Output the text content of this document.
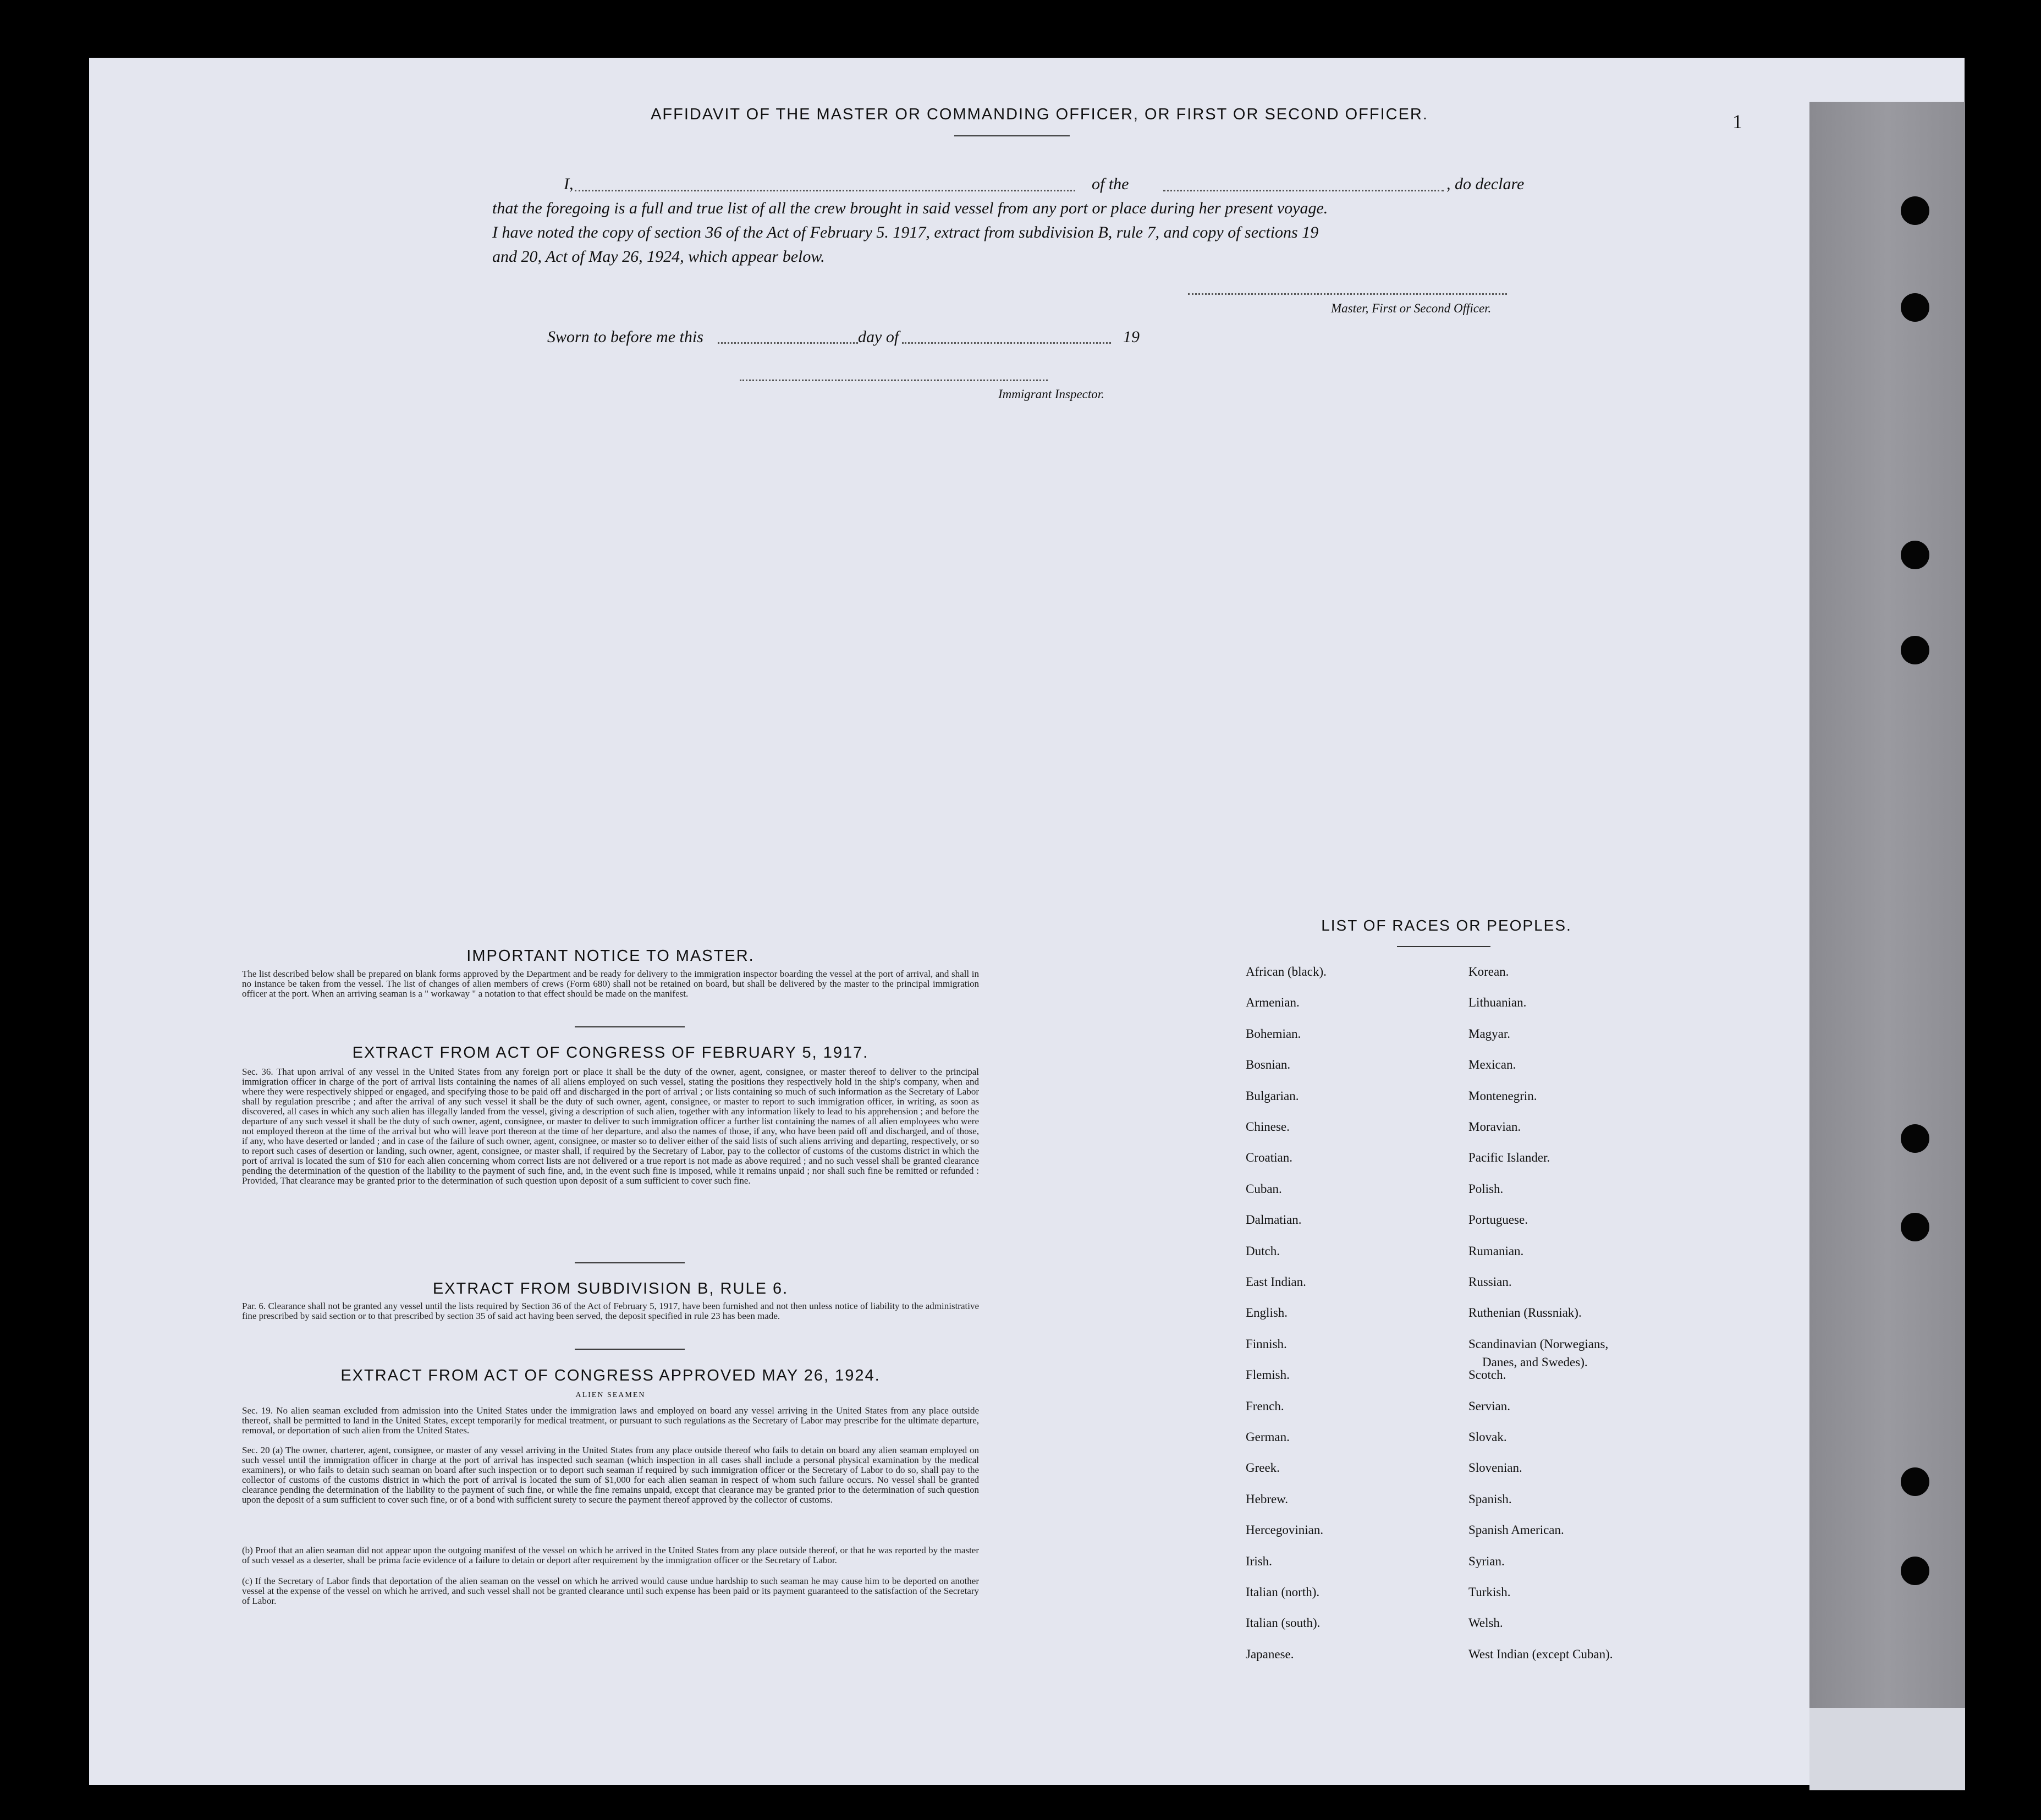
1
AFFIDAVIT OF THE MASTER OR COMMANDING OFFICER, OR FIRST OR SECOND OFFICER.
I,	of the	, do declare
that the foregoing is a full and true list of all the crew brought in said vessel from any port or place during her present voyage.
I have noted the copy of section 36 of the Act of February 5. 1917, extract from subdivision B, rule 7, and copy of sections 19
and 20, Act of May 26, 1924, which appear below.
Master, First or Second Officer.
Sworn to before me this	day of	19
Immigrant Inspector.
IMPORTANT NOTICE TO MASTER.

The list described below shall be prepared on blank forms approved by the Department and be ready for delivery to the immigration inspector boarding the vessel at the port of arrival, and shall in no instance be taken from the vessel. The list of changes of alien members of crews (Form 680) shall not be retained on board, but shall be delivered by the master to the principal immigration officer at the port. When an arriving seaman is a " workaway " a notation to that effect should be made on the manifest.

EXTRACT FROM ACT OF CONGRESS OF FEBRUARY 5, 1917.

Sec. 36. That upon arrival of any vessel in the United States from any foreign port or place it shall be the duty of the owner, agent, consignee, or master thereof to deliver to the principal immigration officer in charge of the port of arrival lists containing the names of all aliens employed on such vessel, stating the positions they respectively hold in the ship's company, when and where they were respectively shipped or engaged, and specifying those to be paid off and discharged in the port of arrival ; or lists containing so much of such information as the Secretary of Labor shall by regulation prescribe ; and after the arrival of any such vessel it shall be the duty of such owner, agent, consignee, or master to report to such immigration officer, in writing, as soon as discovered, all cases in which any such alien has illegally landed from the vessel, giving a description of such alien, together with any information likely to lead to his apprehension ; and before the departure of any such vessel it shall be the duty of such owner, agent, consignee, or master to deliver to such immigration officer a further list containing the names of all alien employees who were not employed thereon at the time of the arrival but who will leave port thereon at the time of her departure, and also the names of those, if any, who have been paid off and discharged, and of those, if any, who have deserted or landed ; and in case of the failure of such owner, agent, consignee, or master so to deliver either of the said lists of such aliens arriving and departing, respectively, or so to report such cases of desertion or landing, such owner, agent, consignee, or master shall, if required by the Secretary of Labor, pay to the collector of customs of the customs district in which the port of arrival is located the sum of $10 for each alien concerning whom correct lists are not delivered or a true report is not made as above required ; and no such vessel shall be granted clearance pending the determination of the question of the liability to the payment of such fine, and, in the event such fine is imposed, while it remains unpaid ; nor shall such fine be remitted or refunded : Provided, That clearance may be granted prior to the determination of such question upon deposit of a sum sufficient to cover such fine.

EXTRACT FROM SUBDIVISION B, RULE 6.

Par. 6. Clearance shall not be granted any vessel until the lists required by Section 36 of the Act of February 5, 1917, have been furnished and not then unless notice of liability to the administrative fine prescribed by said section or to that prescribed by section 35 of said act having been served, the deposit specified in rule 23 has been made.

EXTRACT FROM ACT OF CONGRESS APPROVED MAY 26, 1924.
ALIEN SEAMEN

Sec. 19. No alien seaman excluded from admission into the United States under the immigration laws and employed on board any vessel arriving in the United States from any place outside thereof, shall be permitted to land in the United States, except temporarily for medical treatment, or pursuant to such regulations as the Secretary of Labor may prescribe for the ultimate departure, removal, or deportation of such alien from the United States.

Sec. 20 (a) The owner, charterer, agent, consignee, or master of any vessel arriving in the United States from any place outside thereof who fails to detain on board any alien seaman employed on such vessel until the immigration officer in charge at the port of arrival has inspected such seaman (which inspection in all cases shall include a personal physical examination by the medical examiners), or who fails to detain such seaman on board after such inspection or to deport such seaman if required by such immigration officer or the Secretary of Labor to do so, shall pay to the collector of customs of the customs district in which the port of arrival is located the sum of $1,000 for each alien seaman in respect of whom such failure occurs. No vessel shall be granted clearance pending the determination of the liability to the payment of such fine, or while the fine remains unpaid, except that clearance may be granted prior to the determination of such question upon the deposit of a sum sufficient to cover such fine, or of a bond with sufficient surety to secure the payment thereof approved by the collector of customs.

(b) Proof that an alien seaman did not appear upon the outgoing manifest of the vessel on which he arrived in the United States from any place outside thereof, or that he was reported by the master of such vessel as a deserter, shall be prima facie evidence of a failure to detain or deport after requirement by the immigration officer or the Secretary of Labor.

(c) If the Secretary of Labor finds that deportation of the alien seaman on the vessel on which he arrived would cause undue hardship to such seaman he may cause him to be deported on another vessel at the expense of the vessel on which he arrived, and such vessel shall not be granted clearance until such expense has been paid or its payment guaranteed to the satisfaction of the Secretary of Labor.

LIST OF RACES OR PEOPLES.
African (black).
Armenian.
Bohemian.
Bosnian.
Bulgarian.
Chinese.
Croatian.
Cuban.
Dalmatian.
Dutch.
East Indian.
English.
Finnish.
Flemish.
French.
German.
Greek.
Hebrew.
Hercegovinian.
Irish.
Italian (north).
Italian (south).
Japanese.
Korean.
Lithuanian.
Magyar.
Mexican.
Montenegrin.
Moravian.
Pacific Islander.
Polish.
Portuguese.
Rumanian.
Russian.
Ruthenian (Russniak).
Scandinavian (Norwegians,
Scotch.
Servian.
Slovak.
Slovenian.
Spanish.
Spanish American.
Syrian.
Turkish.
Welsh.
West Indian (except Cuban).
Danes, and Swedes).
